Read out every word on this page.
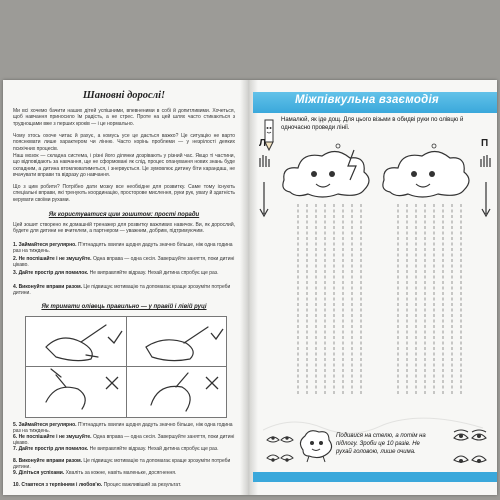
Шановні дорослі!

Ми всі хочемо бачити наших дітей успішними, впевненими в собі й допитливими. Хочеться, щоб навчання приносило їм радість, а не стрес. Проте на цей шлях часто стикаються з труднощами вже з перших кроків — і це нормально.

Чому хтось охоче читає й рахує, а комусь усе це дається важко? Це ситуацію не варто пояснювати лише характером чи лінню. Часто корінь проблеми — у незрілості деяких психічних процесів.

Наш мозок — складна система, і різні його ділянки дозрівають у різний час. Якщо ті частини, що відповідають за навчання, ще не сформовані як слід, процес опанування нових знань буде складним, а дитина втомлюватиметься, і знервується. Це зумовлює дитину біти карандаш, не вчачувати вправи та відразу до навчання.

Що з цим робити? Потрібно дати мозку все необхідне для розвитку. Саме тому існують спеціальні вправи, які тренують координацію, просторове мислення, руки рук, увагу й здатність керувати своїми рухами.

Як користуватися цим зошитом: прості поради

Цей зошит створено як домашній тренажер для розвитку важливих навичок. Ви, як дорослий, будете для дитини не вчителем, а партнером — уважним, добрим, підтримуючим.

1. Займайтеся регулярно. П'ятнадцять хвилин щодня дадуть значно більше, ніж одна година раз на тиждень.

2. Не поспішайте і не змушуйте. Одна вправа — одна сесія. Завершуйте заняття, поки дитині цікаво.

3. Дайте простір для помилок. Не виправляйте відразу. Нехай дитина спробує ще раз.

4. Виконуйте вправи разом. Це підвищує мотивацію та допомагає краще зрозуміти потреби дитини.

Як тримати олівець правильно — у правій і лівій руці

5. Займайтеся регулярно. П'ятнадцять хвилин щодня дадуть значно більше, ніж одна година раз на тиждень.

6. Не поспішайте і не змушуйте. Одна вправа — одна сесія. Завершуйте заняття, поки дитині цікаво.

7. Дайте простір для помилок. Не виправляйте відразу. Нехай дитина спробує ще раз.

8. Виконуйте вправи разом. Це підвищує мотивацію та допомагає краще зрозуміти потреби дитини.

9. Діліться успіхами. Хваліть за кожне, навіть маленьке, досягнення.

10. Ставтеся з терпінням і любов'ю. Процес важливіший за результат.

Міжпівкульна взаємодія

Намалюй, як іде дощ. Для цього візьми в обидві руки по олівцю й одночасно проведи лінії.

Л	П

Подивися на стелю, а потім на підлогу. Зроби це 10 разів. Не рухай головою, лише очима.
